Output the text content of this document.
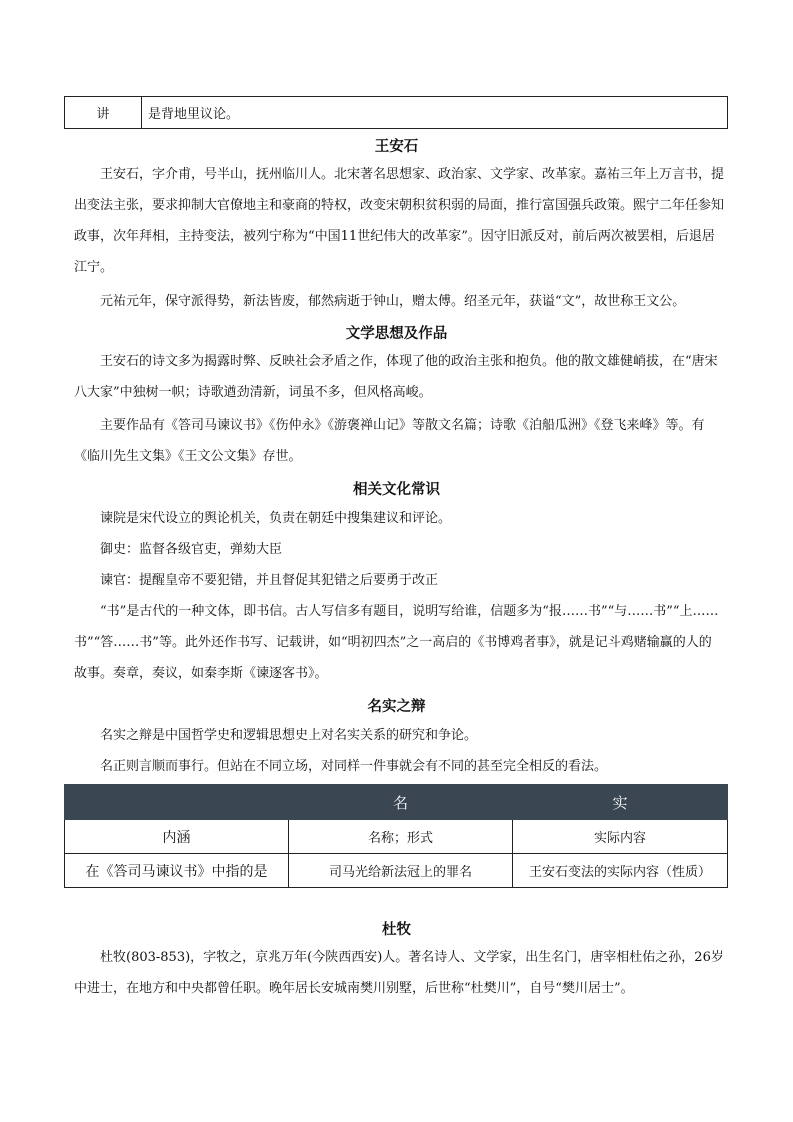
讲	是背地里议论。
王安石

王安石，字介甫，号半山，抚州临川人。北宋著名思想家、政治家、文学家、改革家。嘉祐三年上万言书，提出变法主张，要求抑制大官僚地主和豪商的特权，改变宋朝积贫积弱的局面，推行富国强兵政策。熙宁二年任参知政事，次年拜相，主持变法，被列宁称为“中国11世纪伟大的改革家”。因守旧派反对，前后两次被罢相，后退居江宁。

元祐元年，保守派得势，新法皆废，郁然病逝于钟山，赠太傅。绍圣元年，获谥“文”，故世称王文公。

文学思想及作品

王安石的诗文多为揭露时弊、反映社会矛盾之作，体现了他的政治主张和抱负。他的散文雄健峭拔，在“唐宋八大家”中独树一帜；诗歌遒劲清新，词虽不多，但风格高峻。

主要作品有《答司马谏议书》《伤仲永》《游褒禅山记》等散文名篇；诗歌《泊船瓜洲》《登飞来峰》等。有《临川先生文集》《王文公文集》存世。

相关文化常识

谏院是宋代设立的舆论机关，负责在朝廷中搜集建议和评论。

御史：监督各级官吏，弹劾大臣

谏官：提醒皇帝不要犯错，并且督促其犯错之后要勇于改正

“书”是古代的一种文体，即书信。古人写信多有题目，说明写给谁，信题多为“报……书”“与……书”“上……书”“答……书”等。此外还作书写、记载讲，如“明初四杰”之一高启的《书博鸡者事》，就是记斗鸡赌输赢的人的故事。奏章，奏议，如秦李斯《谏逐客书》。

名实之辩

名实之辩是中国哲学史和逻辑思想史上对名实关系的研究和争论。

名正则言顺而事行。但站在不同立场，对同样一件事就会有不同的甚至完全相反的看法。

	名	实
内涵	名称；形式	实际内容
在《答司马谏议书》中指的是	司马光给新法冠上的罪名	王安石变法的实际内容（性质）
杜牧

杜牧(803-853)，字牧之，京兆万年(今陕西西安)人。著名诗人、文学家，出生名门，唐宰相杜佑之孙，26岁中进士，在地方和中央都曾任职。晚年居长安城南樊川别墅，后世称“杜樊川”，自号“樊川居士”。
